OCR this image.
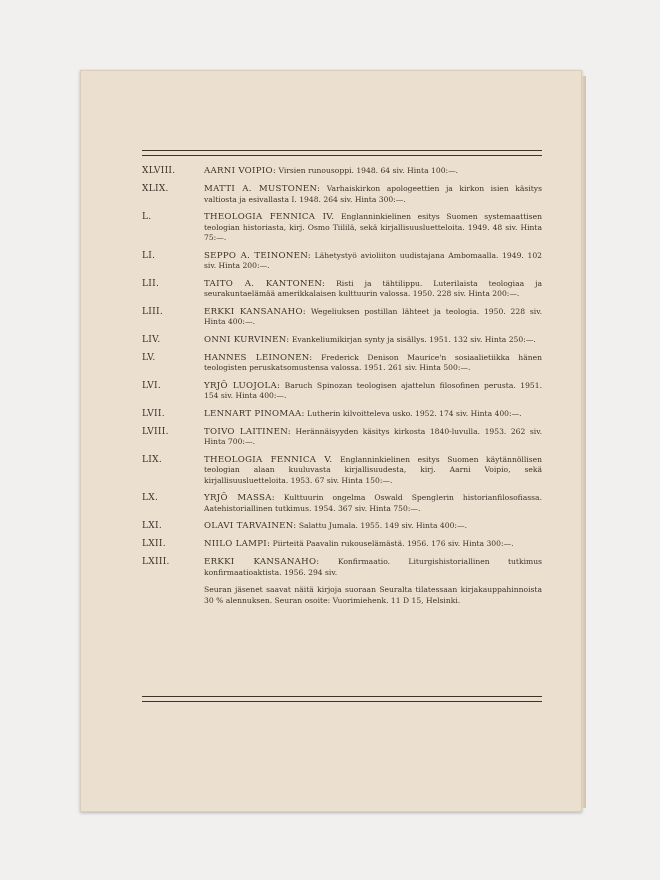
XLVIII.	AARNI VOIPIO: Virsien runousoppi. 1948. 64 siv. Hinta 100:—.
XLIX.	MATTI A. MUSTONEN: Varhaiskirkon apologeettien ja kirkon isien käsitys valtiosta ja esivallasta I. 1948. 264 siv. Hinta 300:—.
L.	THEOLOGIA FENNICA IV. Englanninkielinen esitys Suomen systemaattisen teologian historiasta, kirj. Osmo Tiililä, sekä kirjallisuusluetteloita. 1949. 48 siv. Hinta 75:—.
LI.	SEPPO A. TEINONEN: Lähetystyö avioliiton uudistajana Ambomaalla. 1949. 102 siv. Hinta 200:—.
LII.	TAITO A. KANTONEN: Risti ja tähtilippu. Luterilaista teologiaa ja seurakuntaelämää amerikkalaisen kulttuurin valossa. 1950. 228 siv. Hinta 200:—.
LIII.	ERKKI KANSANAHO: Wegeliuksen postillan lähteet ja teologia. 1950. 228 siv. Hinta 400:—.
LIV.	ONNI KURVINEN: Evankeliumikirjan synty ja sisällys. 1951. 132 siv. Hinta 250:—.
LV.	HANNES LEINONEN: Frederick Denison Maurice'n sosiaalietiikka hänen teologisten peruskatsomustensa valossa. 1951. 261 siv. Hinta 500:—.
LVI.	YRJÖ LUOJOLA: Baruch Spinozan teologisen ajattelun filosofinen perusta. 1951. 154 siv. Hinta 400:—.
LVII.	LENNART PINOMAA: Lutherin kilvoitteleva usko. 1952. 174 siv. Hinta 400:—.
LVIII.	TOIVO LAITINEN: Herännäisyyden käsitys kirkosta 1840-luvulla. 1953. 262 siv. Hinta 700:—.
LIX.	THEOLOGIA FENNICA V. Englanninkielinen esitys Suomen käytännöllisen teologian alaan kuuluvasta kirjallisuudesta, kirj. Aarni Voipio, sekä kirjallisuusluetteloita. 1953. 67 siv. Hinta 150:—.
LX.	YRJÖ MASSA: Kulttuurin ongelma Oswald Spenglerin historianfilosofiassa. Aatehistoriallinen tutkimus. 1954. 367 siv. Hinta 750:—.
LXI.	OLAVI TARVAINEN: Salattu Jumala. 1955. 149 siv. Hinta 400:—.
LXII.	NIILO LAMPI: Piirteitä Paavalin rukouselämästä. 1956. 176 siv. Hinta 300:—.
LXIII.	ERKKI KANSANAHO: Konfirmaatio. Liturgishistoriallinen tutkimus konfirmaatioaktista. 1956. 294 siv.
Seuran jäsenet saavat näitä kirjoja suoraan Seuralta tilatessaan kirjakauppahinnoista 30 % alennuksen. Seuran osoite: Vuorimiehenk. 11 D 15, Helsinki.
